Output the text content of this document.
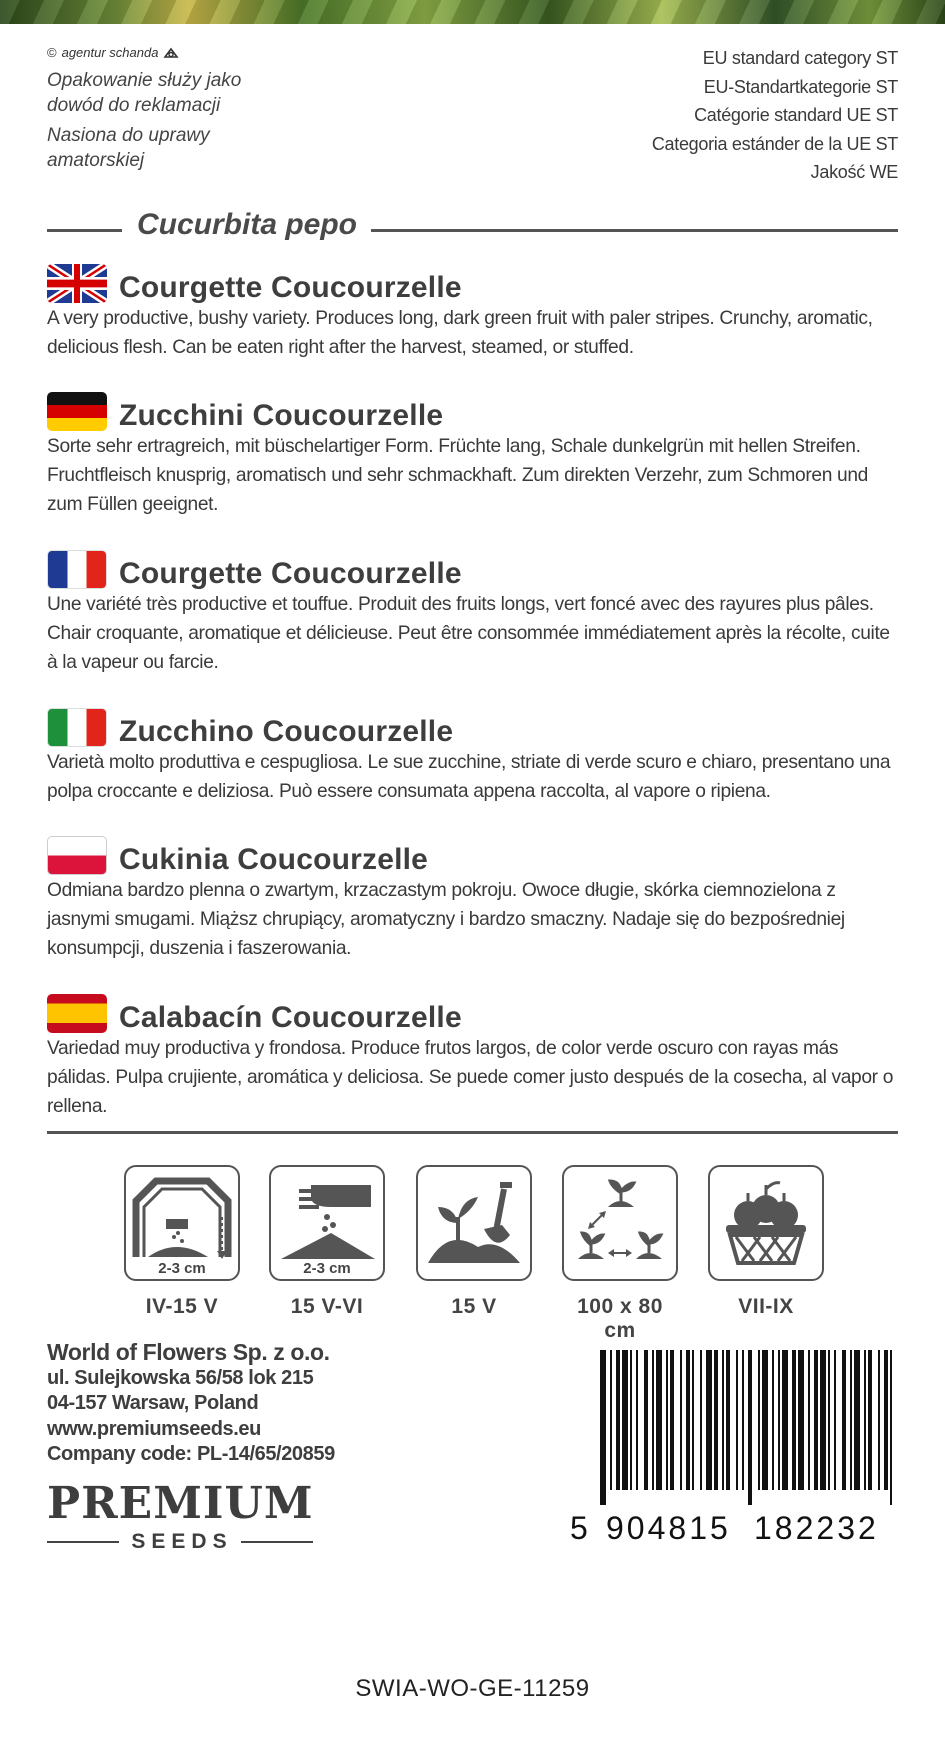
© agentur schanda
Opakowanie służy jako dowód do reklamacji
Nasiona do uprawy amatorskiej
EU standard category ST
EU-Standartkategorie ST
Catégorie standard UE ST
Categoria estánder de la UE ST
Jakość WE
Cucurbita pepo
Courgette Coucourzelle

A very productive, bushy variety. Produces long, dark green fruit with paler stripes. Crunchy, aromatic, delicious flesh. Can be eaten right after the harvest, steamed, or stuffed.

Zucchini Coucourzelle

Sorte sehr ertragreich, mit büschelartiger Form. Früchte lang, Schale dunkelgrün mit hellen Streifen. Fruchtfleisch knusprig, aromatisch und sehr schmackhaft. Zum direkten Verzehr, zum Schmoren und zum Füllen geeignet.

Courgette Coucourzelle

Une variété très productive et touffue. Produit des fruits longs, vert foncé avec des rayures plus pâles. Chair croquante, aromatique et délicieuse. Peut être consommée immédiatement après la récolte, cuite à la vapeur ou farcie.

Zucchino Coucourzelle

Varietà molto produttiva e cespugliosa. Le sue zucchine, striate di verde scuro e chiaro, presentano una polpa croccante e deliziosa. Può essere consumata appena raccolta, al vapore o ripiena.

Cukinia Coucourzelle

Odmiana bardzo plenna o zwartym, krzaczastym pokroju. Owoce długie, skórka ciemnozielona z jasnymi smugami. Miąższ chrupiący, aromatyczny i bardzo smaczny. Nadaje się do bezpośredniej konsumpcji, duszenia i faszerowania.

Calabacín Coucourzelle

Variedad muy productiva y frondosa. Produce frutos largos, de color verde oscuro con rayas más pálidas. Pulpa crujiente, aromática y deliciosa. Se puede comer justo después de la cosecha, al vapor o rellena.

2-3 cm
IV-15 V
2-3 cm
15 V-VI	15 V	100 x 80 cm
VII-IX
World of Flowers Sp. z o.o.
ul. Sulejkowska 56/58 lok 215
04-157 Warsaw, Poland
www.premiumseeds.eu
Company code: PL-14/65/20859
PREMIUM
SEEDS	5 904815 182232
SWIA-WO-GE-11259
